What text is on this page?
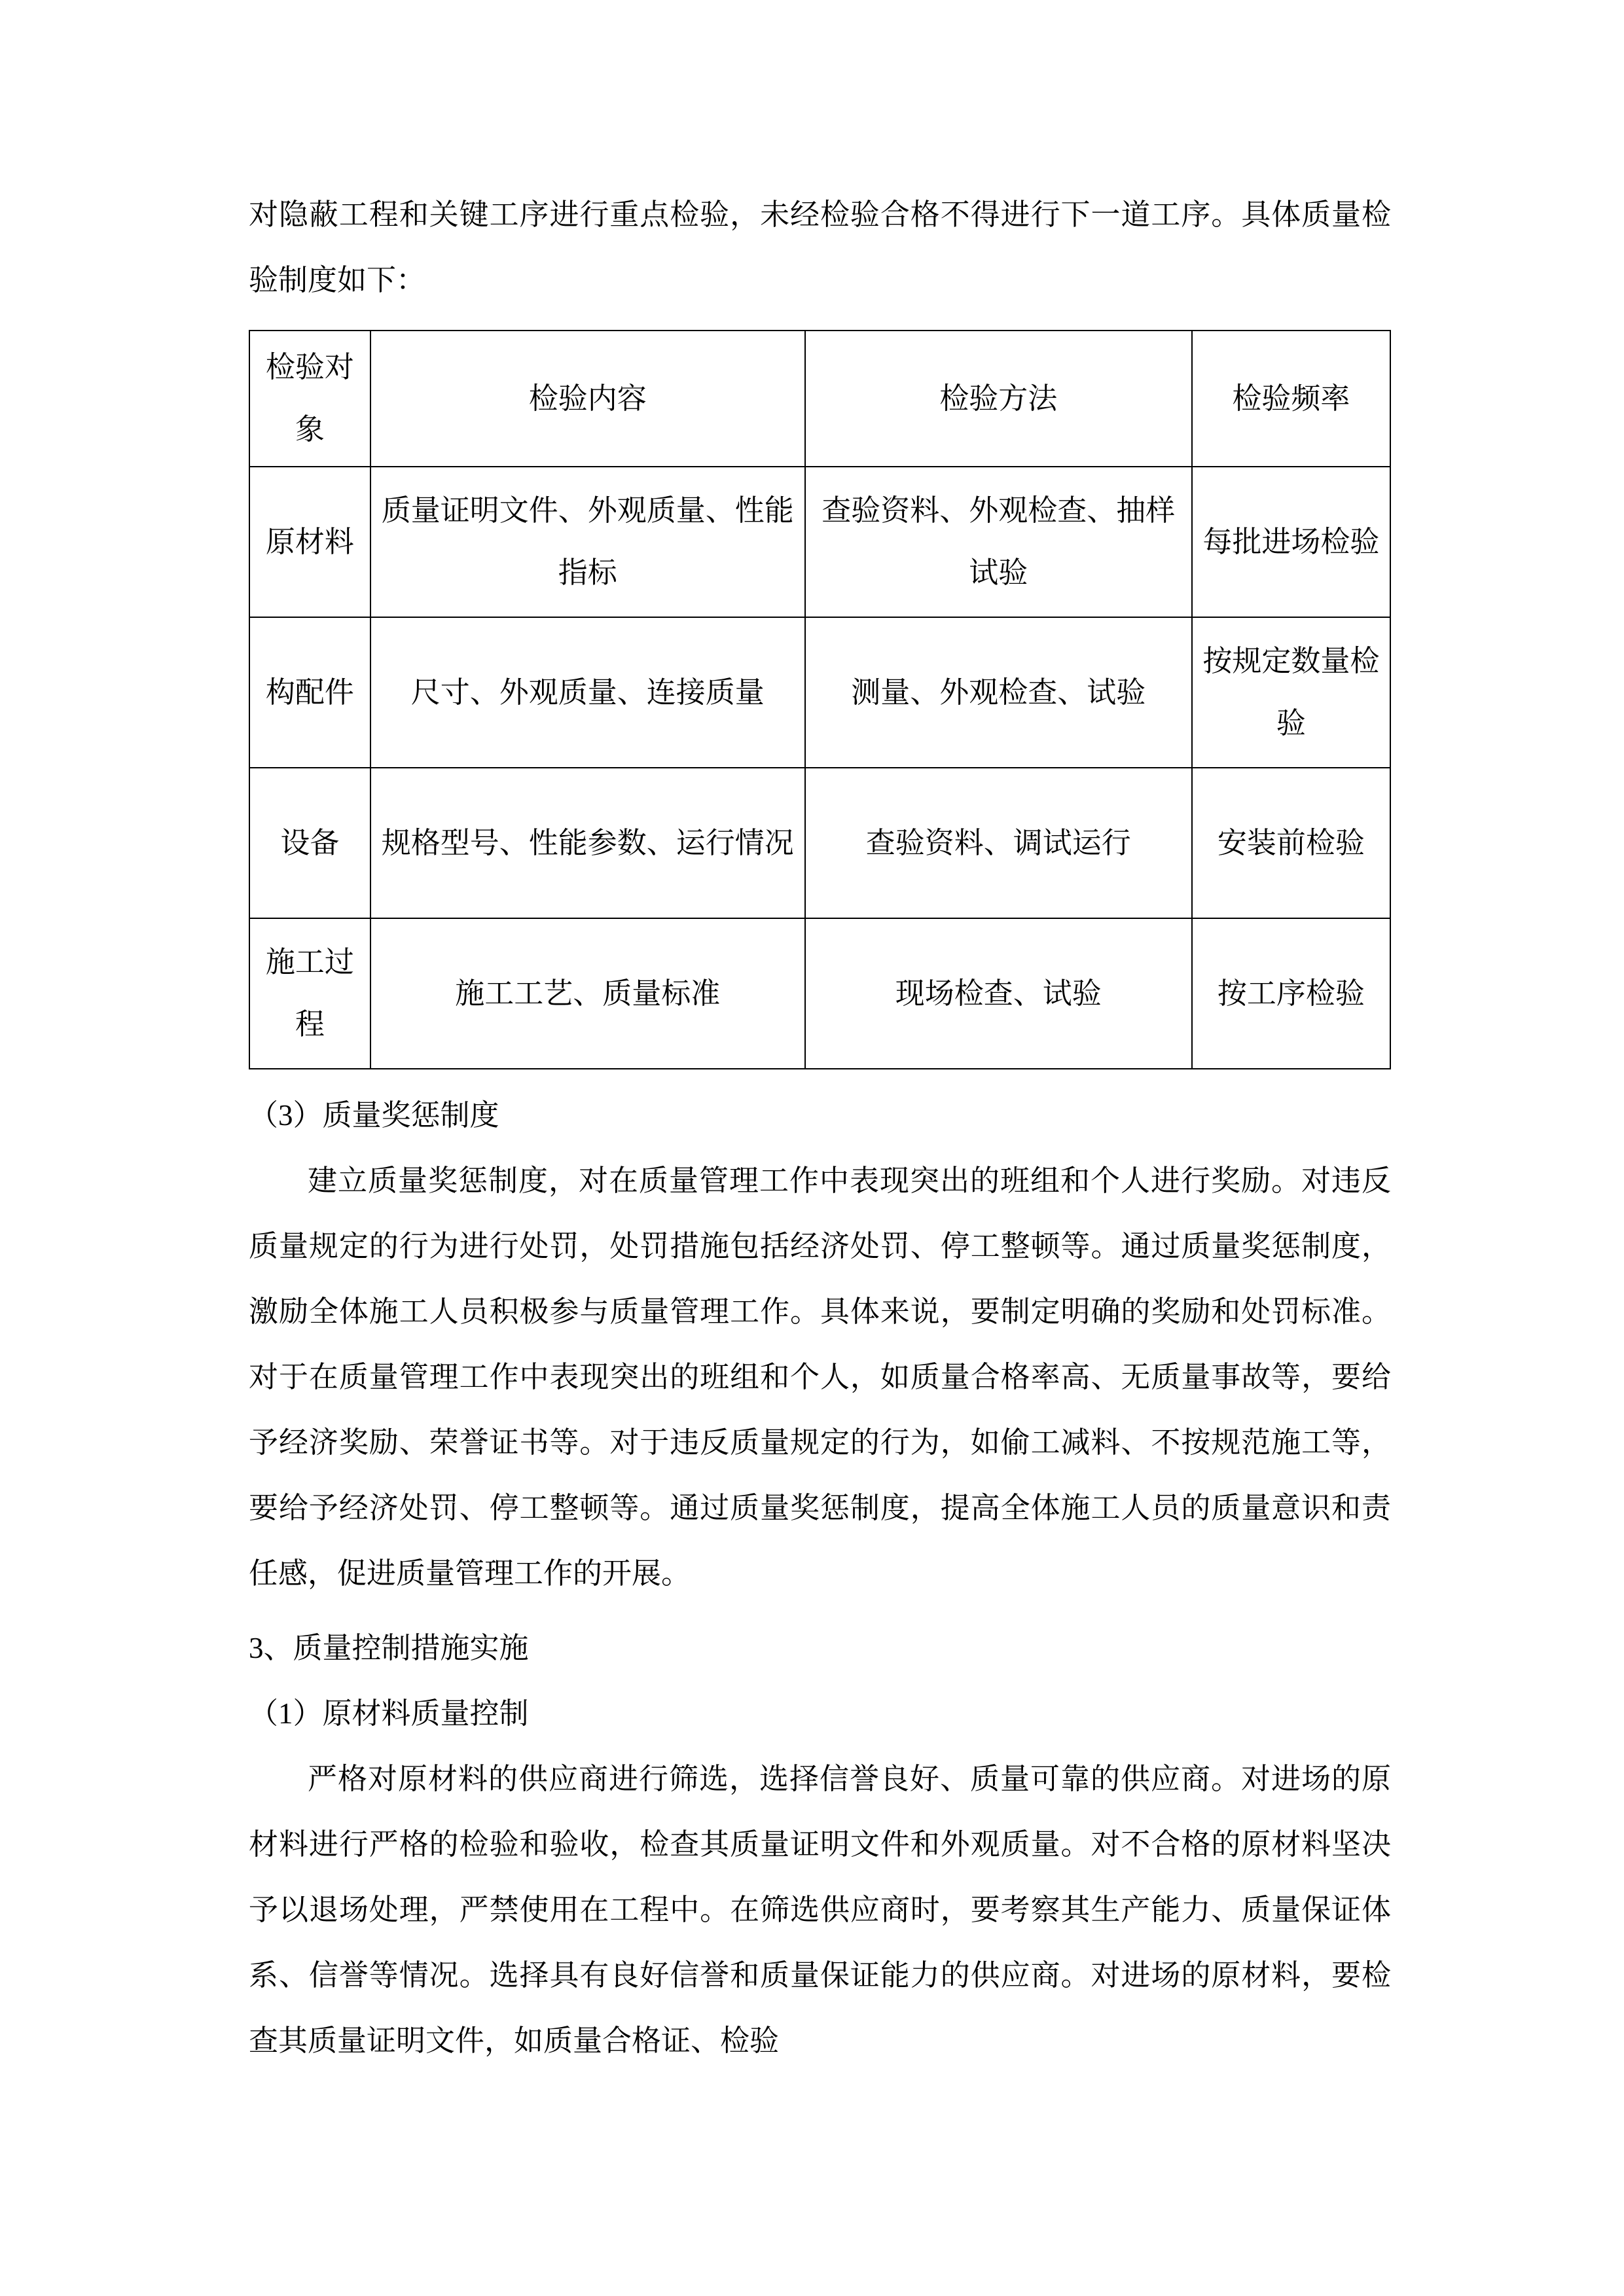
对隐蔽工程和关键工序进行重点检验，未经检验合格不得进行下一道工序。具体质量检验制度如下：

检验对象	检验内容	检验方法	检验频率
原材料	质量证明文件、外观质量、性能指标	查验资料、外观检查、抽样试验	每批进场检验
构配件	尺寸、外观质量、连接质量	测量、外观检查、试验	按规定数量检验
设备	规格型号、性能参数、运行情况	查验资料、调试运行	安装前检验
施工过程	施工工艺、质量标准	现场检查、试验	按工序检验

（3）质量奖惩制度

建立质量奖惩制度，对在质量管理工作中表现突出的班组和个人进行奖励。对违反质量规定的行为进行处罚，处罚措施包括经济处罚、停工整顿等。通过质量奖惩制度，激励全体施工人员积极参与质量管理工作。具体来说，要制定明确的奖励和处罚标准。对于在质量管理工作中表现突出的班组和个人，如质量合格率高、无质量事故等，要给予经济奖励、荣誉证书等。对于违反质量规定的行为，如偷工减料、不按规范施工等，要给予经济处罚、停工整顿等。通过质量奖惩制度，提高全体施工人员的质量意识和责任感，促进质量管理工作的开展。

3、质量控制措施实施

（1）原材料质量控制

严格对原材料的供应商进行筛选，选择信誉良好、质量可靠的供应商。对进场的原材料进行严格的检验和验收，检查其质量证明文件和外观质量。对不合格的原材料坚决予以退场处理，严禁使用在工程中。在筛选供应商时，要考察其生产能力、质量保证体系、信誉等情况。选择具有良好信誉和质量保证能力的供应商。对进场的原材料，要检查其质量证明文件，如质量合格证、检验
